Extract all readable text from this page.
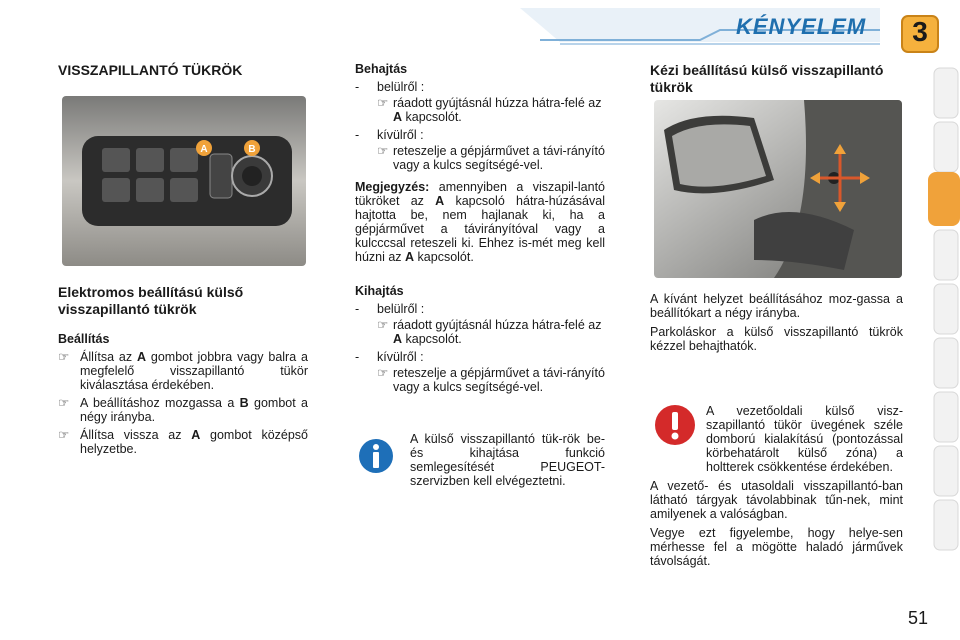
KÉNYELEM	3
VISSZAPILLANTÓ TÜKRÖK
A	B
Elektromos beállítású külső visszapillantó tükrök
Beállítás
☞ Állítsa az A gombot jobbra vagy balra a megfelelő visszapillantó tükör kiválasztása érdekében.
☞ A beállításhoz mozgassa a B gombot a négy irányba.
☞ Állítsa vissza az A gombot középső helyzetbe.
Behajtás
- belülről :
☞ ráadott gyújtásnál húzza hátra-felé az A kapcsolót.
- kívülről :
☞ reteszelje a gépjárművet a távi-rányító vagy a kulcs segítségé-vel.
Megjegyzés: amennyiben a viszapil-lantó tükröket az A kapcsoló hátra-húzásával hajtotta be, nem hajlanak ki, ha a gépjárművet a távirányítóval vagy a kulcccsal reteszeli ki. Ehhez is-mét meg kell húzni az A kapcsolót.
Kihajtás
- belülről :
☞ ráadott gyújtásnál húzza hátra-felé az A kapcsolót.
- kívülről :
☞ reteszelje a gépjárművet a távi-rányító vagy a kulcs segítségé-vel.
A külső visszapillantó tük-rök be- és kihajtása funkció semlegesítését PEUGEOT-szervizben kell elvégeztetni.
Kézi beállítású külső visszapillantó tükrök
A kívánt helyzet beállításához moz-gassa a beállítókart a négy irányba.
Parkoláskor a külső visszapillantó tükrök kézzel behajthatók.
A vezetőoldali külső visz-szapillantó tükör üvegének széle domború kialakítású (pontozással körbehatárolt külső zóna) a holtterek csökkentése érdekében.
A vezető- és utasoldali visszapillantó-ban látható tárgyak távolabbinak tűn-nek, mint amilyenek a valóságban.
Vegye ezt figyelembe, hogy helye-sen mérhesse fel a mögötte haladó járművek távolságát.
51
